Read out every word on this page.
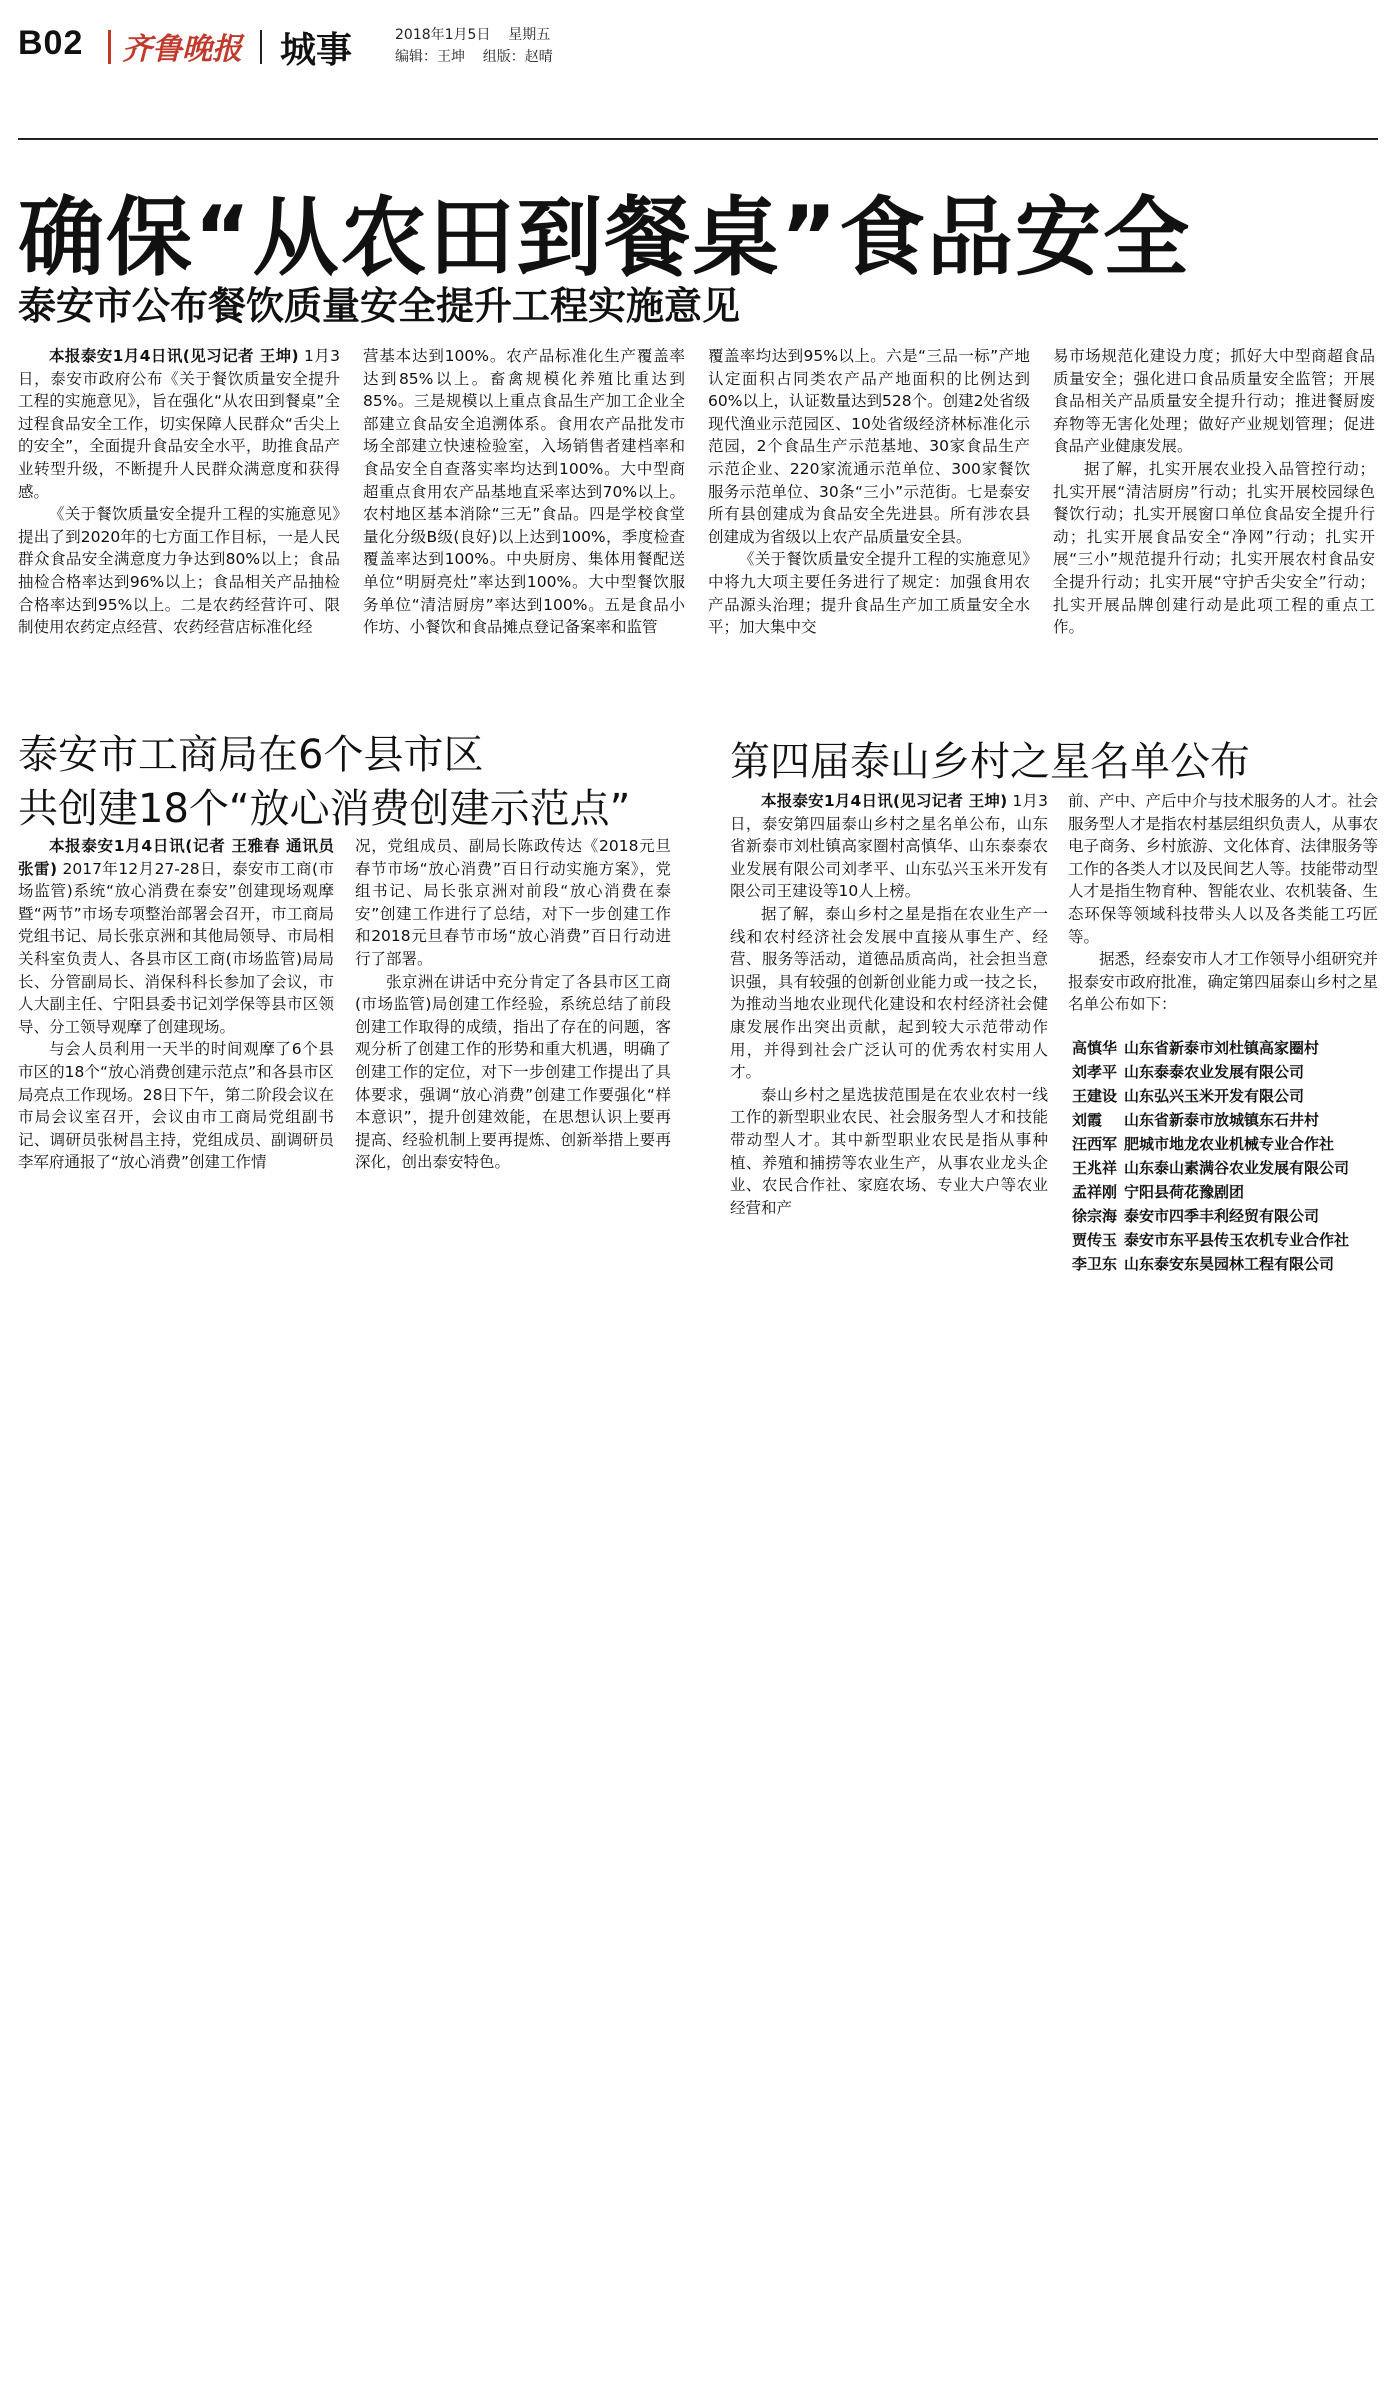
B02 齐鲁晚报 城事	2018年1月5日    星期五
编辑：王坤    组版：赵晴
确保“从农田到餐桌”食品安全
泰安市公布餐饮质量安全提升工程实施意见

本报泰安1月4日讯(见习记者 王坤) 1月3日，泰安市政府公布《关于餐饮质量安全提升工程的实施意见》，旨在强化“从农田到餐桌”全过程食品安全工作，切实保障人民群众“舌尖上的安全”，全面提升食品安全水平，助推食品产业转型升级，不断提升人民群众满意度和获得感。

《关于餐饮质量安全提升工程的实施意见》提出了到2020年的七方面工作目标，一是人民群众食品安全满意度力争达到80%以上；食品抽检合格率达到96%以上；食品相关产品抽检合格率达到95%以上。二是农药经营许可、限制使用农药定点经营、农药经营店标准化经

营基本达到100%。农产品标准化生产覆盖率达到85%以上。畜禽规模化养殖比重达到85%。三是规模以上重点食品生产加工企业全部建立食品安全追溯体系。食用农产品批发市场全部建立快速检验室，入场销售者建档率和食品安全自查落实率均达到100%。大中型商超重点食用农产品基地直采率达到70%以上。农村地区基本消除“三无”食品。四是学校食堂量化分级B级(良好)以上达到100%，季度检查覆盖率达到100%。中央厨房、集体用餐配送单位“明厨亮灶”率达到100%。大中型餐饮服务单位“清洁厨房”率达到100%。五是食品小作坊、小餐饮和食品摊点登记备案率和监管

覆盖率均达到95%以上。六是“三品一标”产地认定面积占同类农产品产地面积的比例达到60%以上，认证数量达到528个。创建2处省级现代渔业示范园区、10处省级经济林标准化示范园，2个食品生产示范基地、30家食品生产示范企业、220家流通示范单位、300家餐饮服务示范单位、30条“三小”示范街。七是泰安所有县创建成为食品安全先进县。所有涉农县创建成为省级以上农产品质量安全县。

《关于餐饮质量安全提升工程的实施意见》中将九大项主要任务进行了规定：加强食用农产品源头治理；提升食品生产加工质量安全水平；加大集中交

易市场规范化建设力度；抓好大中型商超食品质量安全；强化进口食品质量安全监管；开展食品相关产品质量安全提升行动；推进餐厨废弃物等无害化处理；做好产业规划管理；促进食品产业健康发展。

据了解，扎实开展农业投入品管控行动；扎实开展“清洁厨房”行动；扎实开展校园绿色餐饮行动；扎实开展窗口单位食品安全提升行动；扎实开展食品安全“净网”行动；扎实开展“三小”规范提升行动；扎实开展农村食品安全提升行动；扎实开展“守护舌尖安全”行动；扎实开展品牌创建行动是此项工程的重点工作。

泰安市工商局在6个县市区
共创建18个“放心消费创建示范点”

本报泰安1月4日讯(记者 王雅春 通讯员 张雷) 2017年12月27-28日，泰安市工商(市场监管)系统“放心消费在泰安”创建现场观摩暨“两节”市场专项整治部署会召开，市工商局党组书记、局长张京洲和其他局领导、市局相关科室负责人、各县市区工商(市场监管)局局长、分管副局长、消保科科长参加了会议，市人大副主任、宁阳县委书记刘学保等县市区领导、分工领导观摩了创建现场。

与会人员利用一天半的时间观摩了6个县市区的18个“放心消费创建示范点”和各县市区局亮点工作现场。28日下午，第二阶段会议在市局会议室召开，会议由市工商局党组副书记、调研员张树昌主持，党组成员、副调研员李军府通报了“放心消费”创建工作情

况，党组成员、副局长陈政传达《2018元旦春节市场“放心消费”百日行动实施方案》，党组书记、局长张京洲对前段“放心消费在泰安”创建工作进行了总结，对下一步创建工作和2018元旦春节市场“放心消费”百日行动进行了部署。

张京洲在讲话中充分肯定了各县市区工商(市场监管)局创建工作经验，系统总结了前段创建工作取得的成绩，指出了存在的问题，客观分析了创建工作的形势和重大机遇，明确了创建工作的定位，对下一步创建工作提出了具体要求，强调“放心消费”创建工作要强化“样本意识”，提升创建效能，在思想认识上要再提高、经验机制上要再提炼、创新举措上要再深化，创出泰安特色。

第四届泰山乡村之星名单公布

本报泰安1月4日讯(见习记者 王坤) 1月3日，泰安第四届泰山乡村之星名单公布，山东省新泰市刘杜镇高家圈村高慎华、山东泰泰农业发展有限公司刘孝平、山东弘兴玉米开发有限公司王建设等10人上榜。

据了解，泰山乡村之星是指在农业生产一线和农村经济社会发展中直接从事生产、经营、服务等活动，道德品质高尚，社会担当意识强，具有较强的创新创业能力或一技之长，为推动当地农业现代化建设和农村经济社会健康发展作出突出贡献，起到较大示范带动作用，并得到社会广泛认可的优秀农村实用人才。

泰山乡村之星选拔范围是在农业农村一线工作的新型职业农民、社会服务型人才和技能带动型人才。其中新型职业农民是指从事种植、养殖和捕捞等农业生产，从事农业龙头企业、农民合作社、家庭农场、专业大户等农业经营和产

前、产中、产后中介与技术服务的人才。社会服务型人才是指农村基层组织负责人，从事农电子商务、乡村旅游、文化体育、法律服务等工作的各类人才以及民间艺人等。技能带动型人才是指生物育种、智能农业、农机装备、生态环保等领域科技带头人以及各类能工巧匠等。

据悉，经泰安市人才工作领导小组研究并报泰安市政府批准，确定第四届泰山乡村之星名单公布如下：

高慎华 山东省新泰市刘杜镇高家圈村
刘孝平 山东泰泰农业发展有限公司
王建设 山东弘兴玉米开发有限公司
刘霞	山东省新泰市放城镇东石井村
汪西军 肥城市地龙农业机械专业合作社
王兆祥 山东泰山素满谷农业发展有限公司
孟祥刚 宁阳县荷花豫剧团
徐宗海 泰安市四季丰利经贸有限公司
贾传玉 泰安市东平县传玉农机专业合作社
李卫东 山东泰安东昊园林工程有限公司
